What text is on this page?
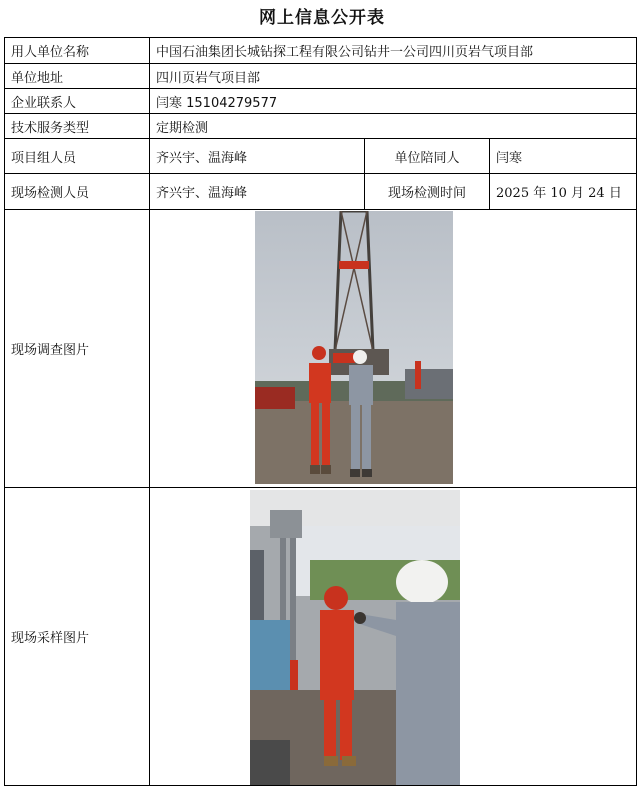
网上信息公开表
用人单位名称	中国石油集团长城钻探工程有限公司钻井一公司四川页岩气项目部		
单位地址	四川页岩气项目部		
企业联系人	闫寒 15104279577		
技术服务类型	定期检测		
项目组人员	齐兴宇、温海峰	单位陪同人	闫寒
现场检测人员	齐兴宇、温海峰	现场检测时间	2025 年 10 月 24 日
现场调查图片	

现场采样图片	
